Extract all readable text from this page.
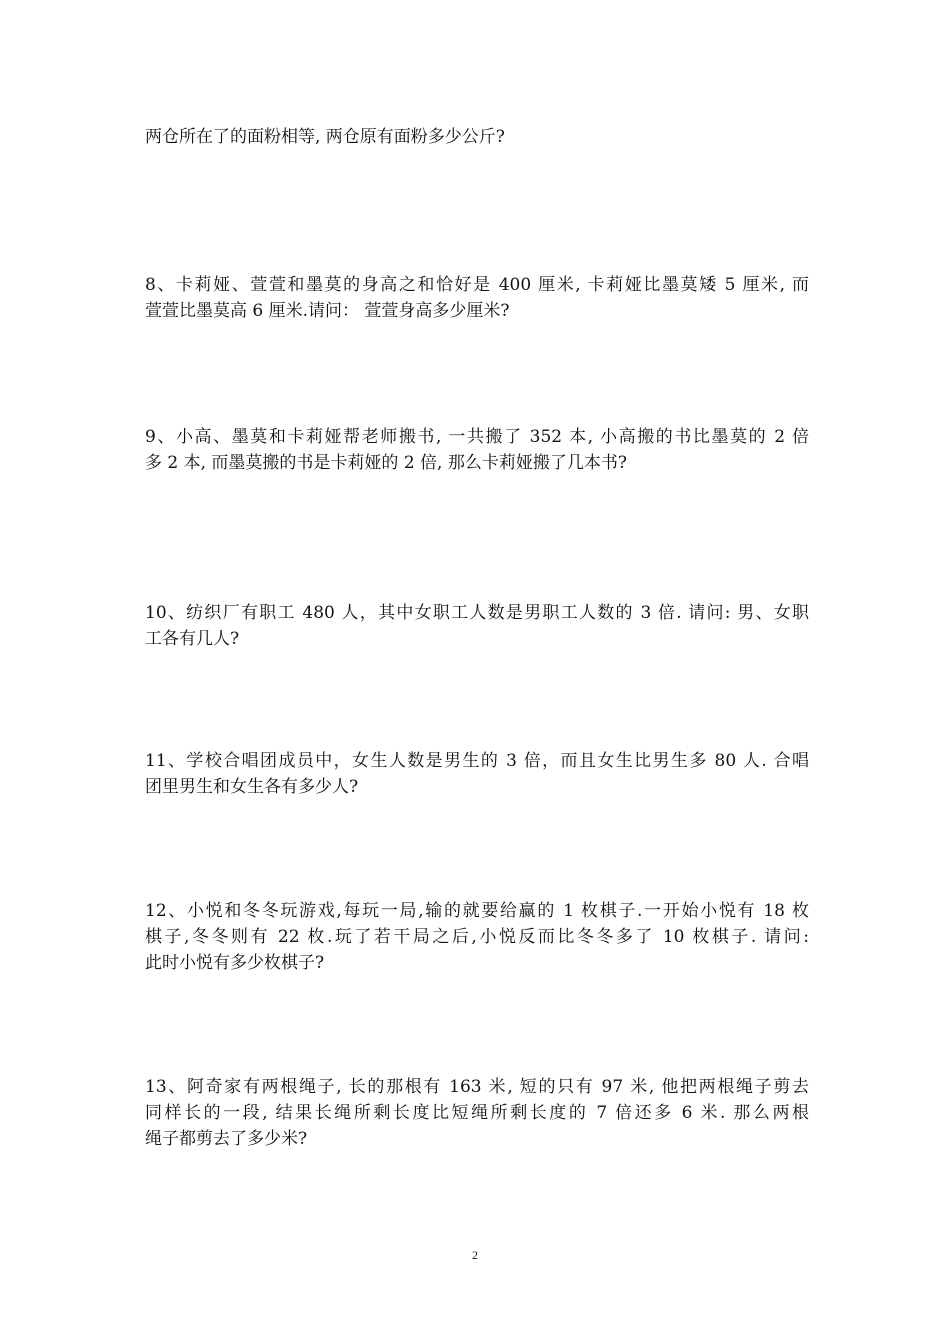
两仓所在了的面粉相等, 两仓原有面粉多少公斤?
8、卡莉娅、萱萱和墨莫的身高之和恰好是 400 厘米, 卡莉娅比墨莫矮 5 厘米, 而
萱萱比墨莫高 6 厘米.请问： 萱萱身高多少厘米?
9、小高、墨莫和卡莉娅帮老师搬书, 一共搬了 352 本, 小高搬的书比墨莫的 2 倍
多 2 本, 而墨莫搬的书是卡莉娅的 2 倍, 那么卡莉娅搬了几本书?
10、纺织厂有职工 480 人，其中女职工人数是男职工人数的 3 倍. 请问: 男、女职
工各有几人?
11、学校合唱团成员中，女生人数是男生的 3 倍，而且女生比男生多 80 人. 合唱
团里男生和女生各有多少人?
12、小悦和冬冬玩游戏,每玩一局,输的就要给赢的 1 枚棋子.一开始小悦有 18 枚
棋子,冬冬则有 22 枚.玩了若干局之后,小悦反而比冬冬多了 10 枚棋子. 请问:
此时小悦有多少枚棋子?
13、阿奇家有两根绳子, 长的那根有 163 米, 短的只有 97 米, 他把两根绳子剪去
同样长的一段, 结果长绳所剩长度比短绳所剩长度的 7 倍还多 6 米. 那么两根
绳子都剪去了多少米?
2
